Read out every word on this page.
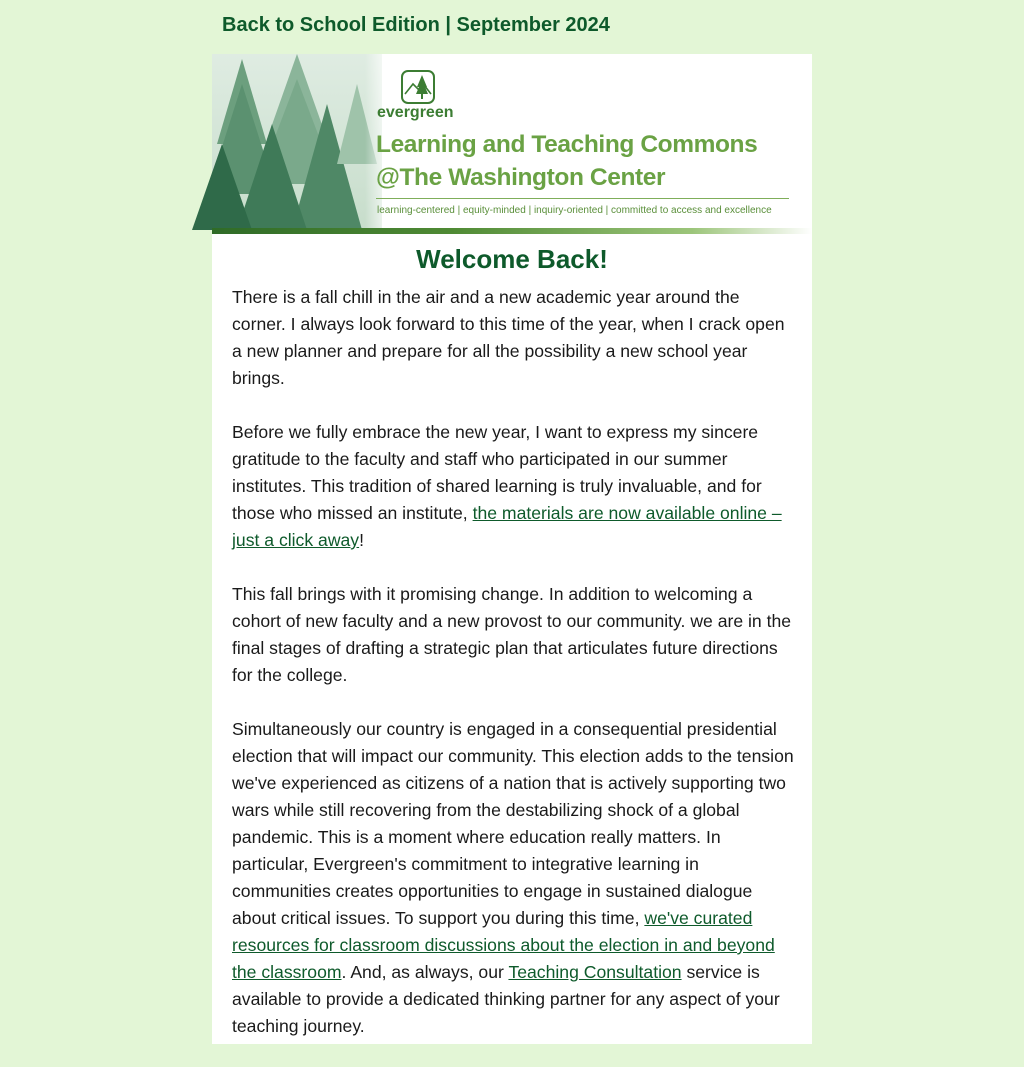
Back to School Edition | September 2024
evergreen
Learning and Teaching Commons
@The Washington Center
learning-centered | equity-minded | inquiry-oriented | committed to access and excellence
Welcome Back!

There is a fall chill in the air and a new academic year around the corner. I always look forward to this time of the year, when I crack open a new planner and prepare for all the possibility a new school year brings.

Before we fully embrace the new year, I want to express my sincere gratitude to the faculty and staff who participated in our summer institutes. This tradition of shared learning is truly invaluable, and for those who missed an institute, the materials are now available online – just a click away!

This fall brings with it promising change. In addition to welcoming a cohort of new faculty and a new provost to our community. we are in the final stages of drafting a strategic plan that articulates future directions for the college.

Simultaneously our country is engaged in a consequential presidential election that will impact our community. This election adds to the tension we've experienced as citizens of a nation that is actively supporting two wars while still recovering from the destabilizing shock of a global pandemic. This is a moment where education really matters. In particular, Evergreen's commitment to integrative learning in communities creates opportunities to engage in sustained dialogue about critical issues. To support you during this time, we've curated resources for classroom discussions about the election in and beyond the classroom. And, as always, our Teaching Consultation service is available to provide a dedicated thinking partner for any aspect of your teaching journey.
